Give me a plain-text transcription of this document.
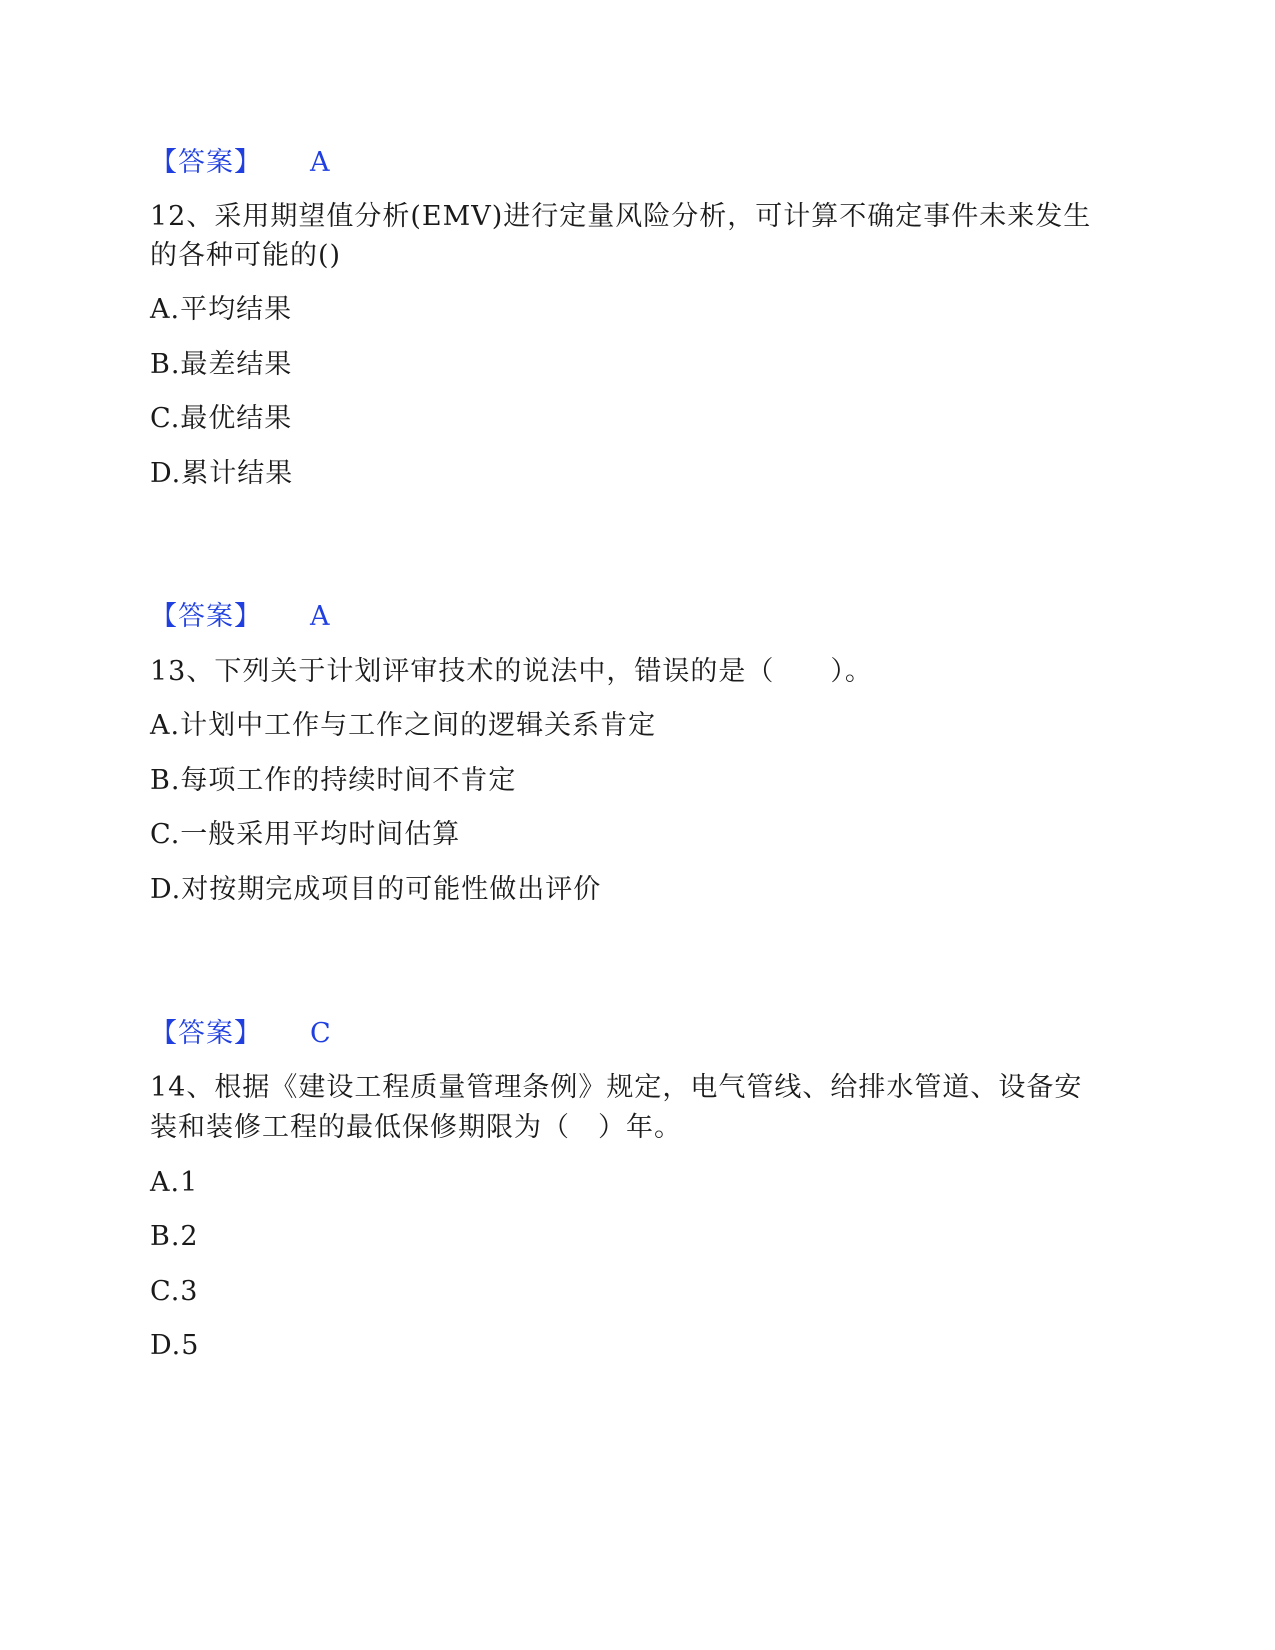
【答案】 A
12、采用期望值分析(EMV)进行定量风险分析，可计算不确定事件未来发生
的各种可能的()
A.平均结果
B.最差结果
C.最优结果
D.累计结果
【答案】 A
13、下列关于计划评审技术的说法中，错误的是（　　）。
A.计划中工作与工作之间的逻辑关系肯定
B.每项工作的持续时间不肯定
C.一般采用平均时间估算
D.对按期完成项目的可能性做出评价
【答案】 C
14、根据《建设工程质量管理条例》规定，电气管线、给排水管道、设备安
装和装修工程的最低保修期限为（　）年。
A.1
B.2
C.3
D.5
